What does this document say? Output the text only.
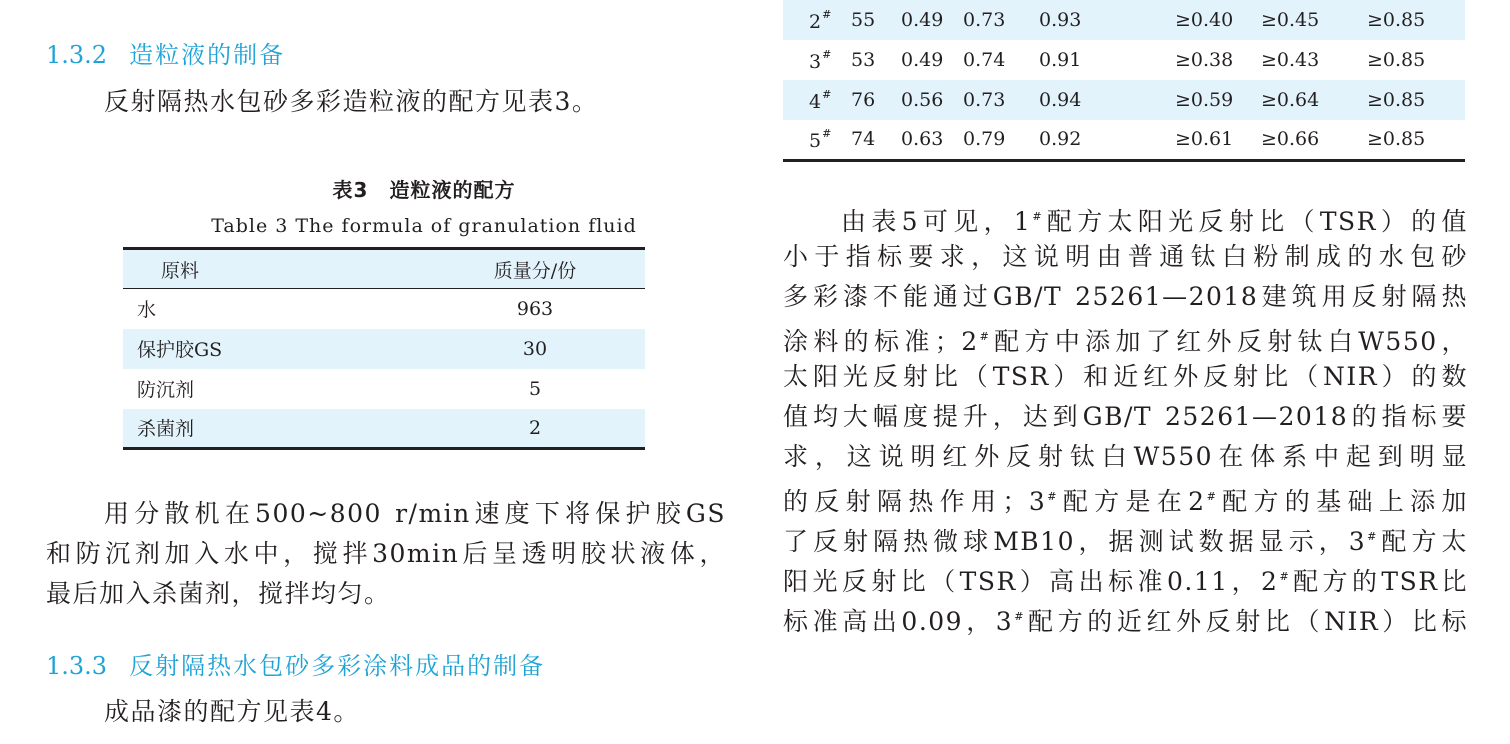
1.3.2 造粒液的制备
反射隔热水包砂多彩造粒液的配方见表3。
表3　造粒液的配方
Table 3 The formula of granulation fluid
原料	质量分/份
水	963
保护胶GS	30
防沉剂	5
杀菌剂	2
用分散机在500~800 r/min速度下将保护胶GS
和防沉剂加入水中，搅拌30min后呈透明胶状液体，
最后加入杀菌剂，搅拌均匀。
1.3.3 反射隔热水包砂多彩涂料成品的制备
成品漆的配方见表4。
2#	55	0.49	0.73	0.93	≥0.40	≥0.45	≥0.85
3#	53	0.49	0.74	0.91	≥0.38	≥0.43	≥0.85
4#	76	0.56	0.73	0.94	≥0.59	≥0.64	≥0.85
5#	74	0.63	0.79	0.92	≥0.61	≥0.66	≥0.85
由表5可见，1#配方太阳光反射比（TSR）的值
小于指标要求，这说明由普通钛白粉制成的水包砂
多彩漆不能通过GB/T 25261—2018建筑用反射隔热
涂料的标准；2#配方中添加了红外反射钛白W550，
太阳光反射比（TSR）和近红外反射比（NIR）的数
值均大幅度提升，达到GB/T 25261—2018的指标要
求，这说明红外反射钛白W550在体系中起到明显
的反射隔热作用；3#配方是在2#配方的基础上添加
了反射隔热微球MB10，据测试数据显示，3#配方太
阳光反射比（TSR）高出标准0.11，2#配方的TSR比
标准高出0.09，3#配方的近红外反射比（NIR）比标
